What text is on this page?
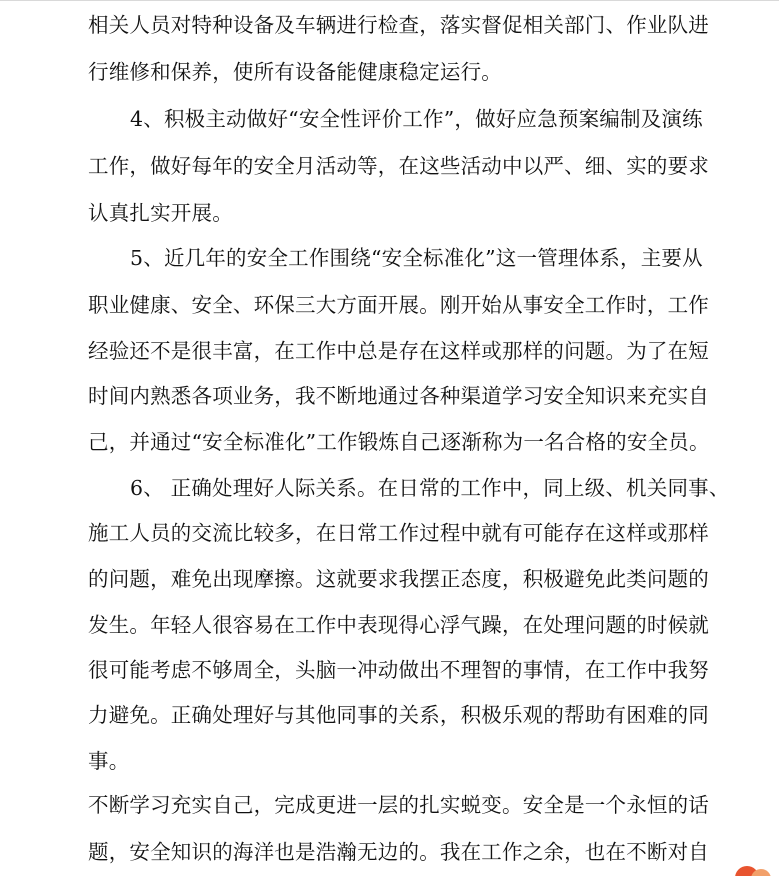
相关人员对特种设备及车辆进行检查，落实督促相关部门、作业队进
行维修和保养，使所有设备能健康稳定运行。
4、积极主动做好“安全性评价工作”，做好应急预案编制及演练
工作，做好每年的安全月活动等，在这些活动中以严、细、实的要求
认真扎实开展。
5、近几年的安全工作围绕“安全标准化”这一管理体系，主要从
职业健康、安全、环保三大方面开展。刚开始从事安全工作时，工作
经验还不是很丰富，在工作中总是存在这样或那样的问题。为了在短
时间内熟悉各项业务，我不断地通过各种渠道学习安全知识来充实自
己，并通过“安全标准化”工作锻炼自己逐渐称为一名合格的安全员。
6、 正确处理好人际关系。在日常的工作中，同上级、机关同事、
施工人员的交流比较多，在日常工作过程中就有可能存在这样或那样
的问题，难免出现摩擦。这就要求我摆正态度，积极避免此类问题的
发生。年轻人很容易在工作中表现得心浮气躁，在处理问题的时候就
很可能考虑不够周全，头脑一冲动做出不理智的事情，在工作中我努
力避免。正确处理好与其他同事的关系，积极乐观的帮助有困难的同
事。
不断学习充实自己，完成更进一层的扎实蜕变。安全是一个永恒的话
题，安全知识的海洋也是浩瀚无边的。我在工作之余，也在不断对自
